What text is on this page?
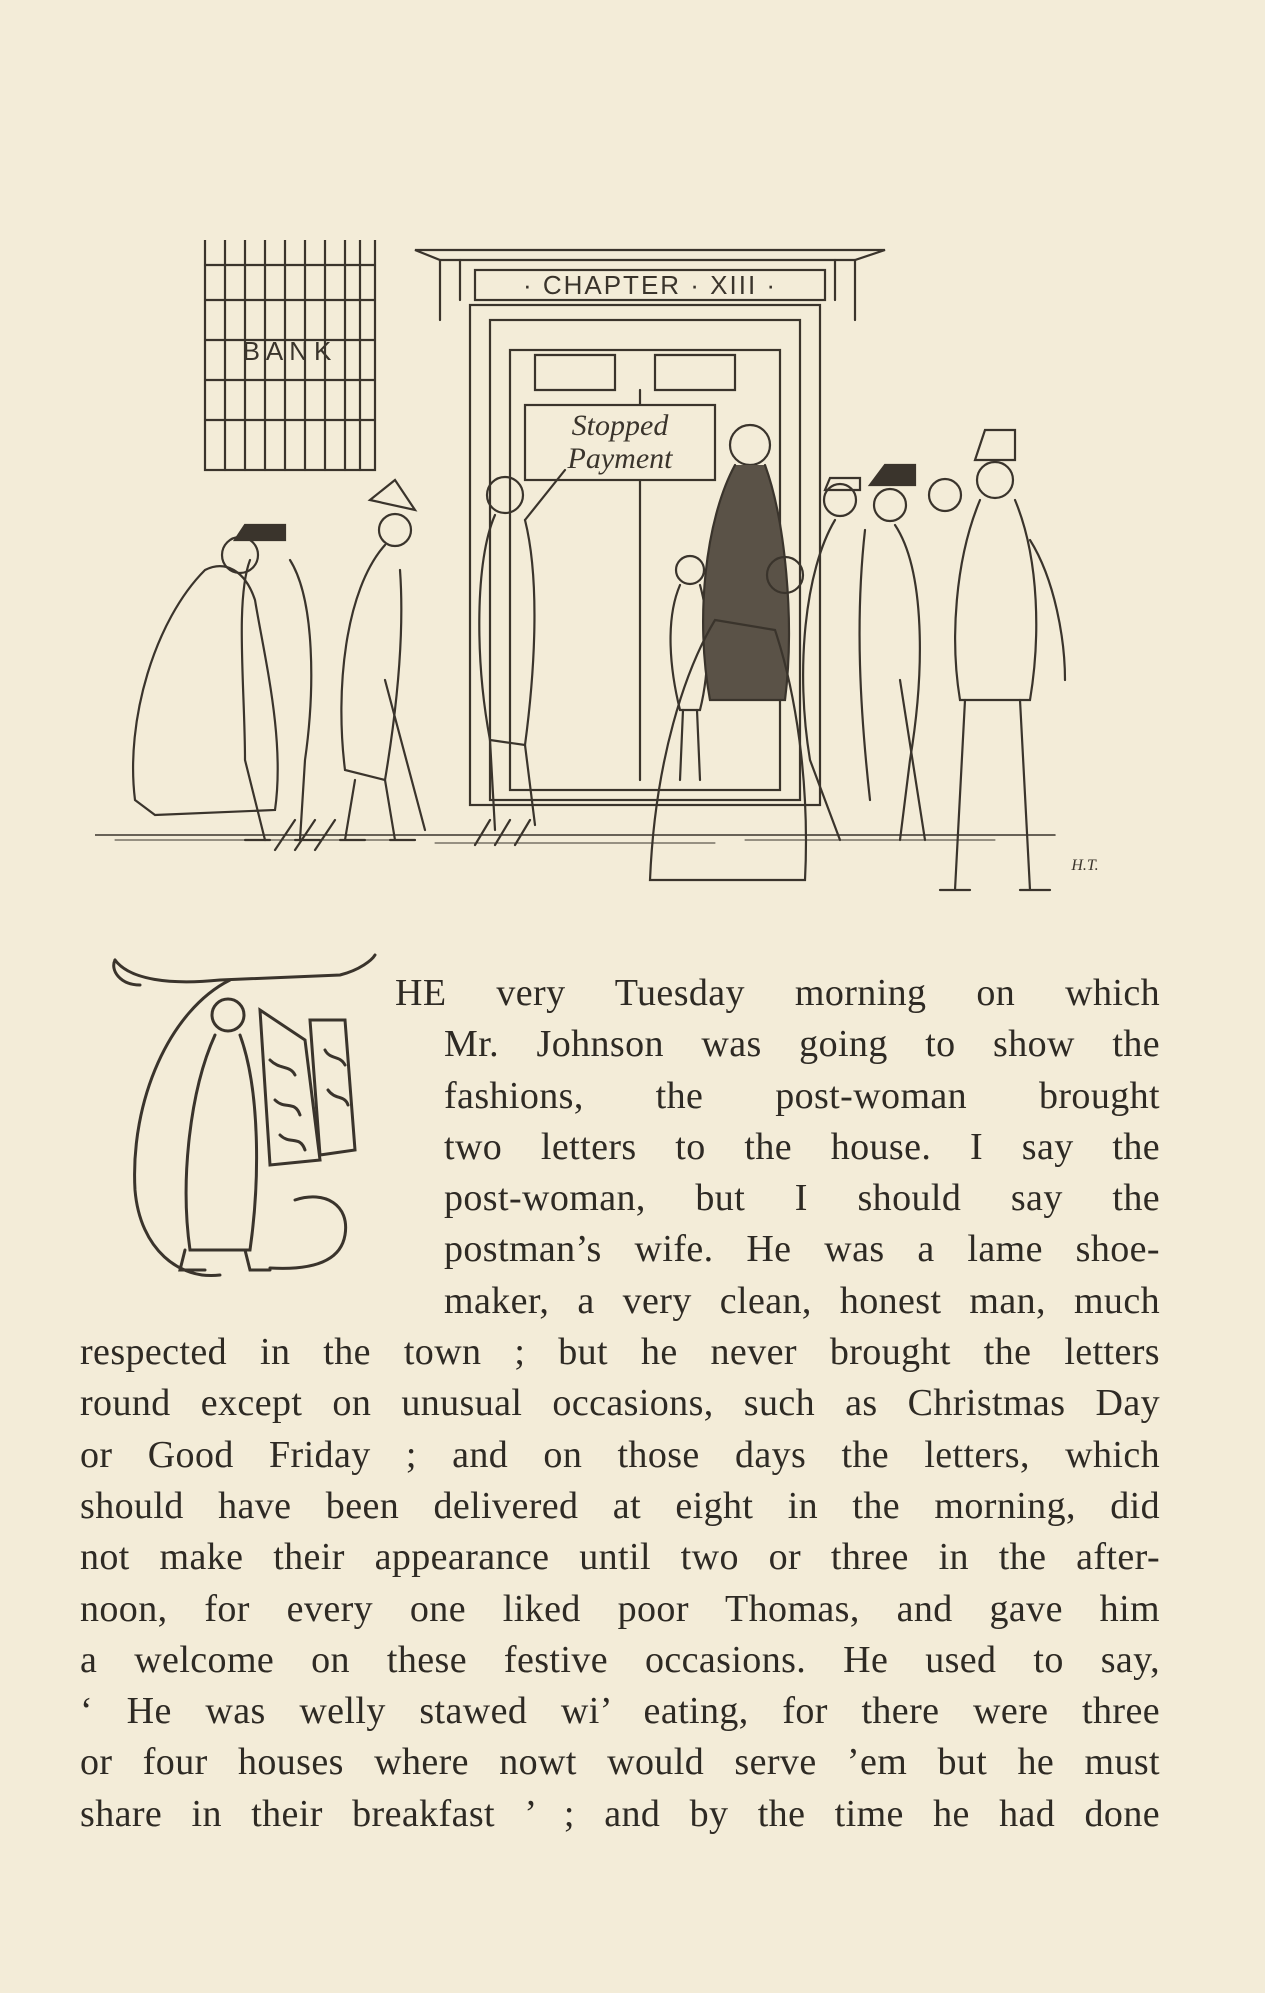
· CHAPTER · XIII ·
BANK
Stopped
Payment
H.T.
HE very Tuesday morning on which
Mr. Johnson was going to show the
fashions, the post-woman brought
two letters to the house. I say the
post-woman, but I should say the
postman’s wife. He was a lame shoe-
maker, a very clean, honest man, much
respected in the town ; but he never brought the letters
round except on unusual occasions, such as Christmas Day
or Good Friday ; and on those days the letters, which
should have been delivered at eight in the morning, did
not make their appearance until two or three in the after-
noon, for every one liked poor Thomas, and gave him
a welcome on these festive occasions. He used to say,
‘ He was welly stawed wi’ eating, for there were three
or four houses where nowt would serve ’em but he must
share in their breakfast ’ ; and by the time he had done
